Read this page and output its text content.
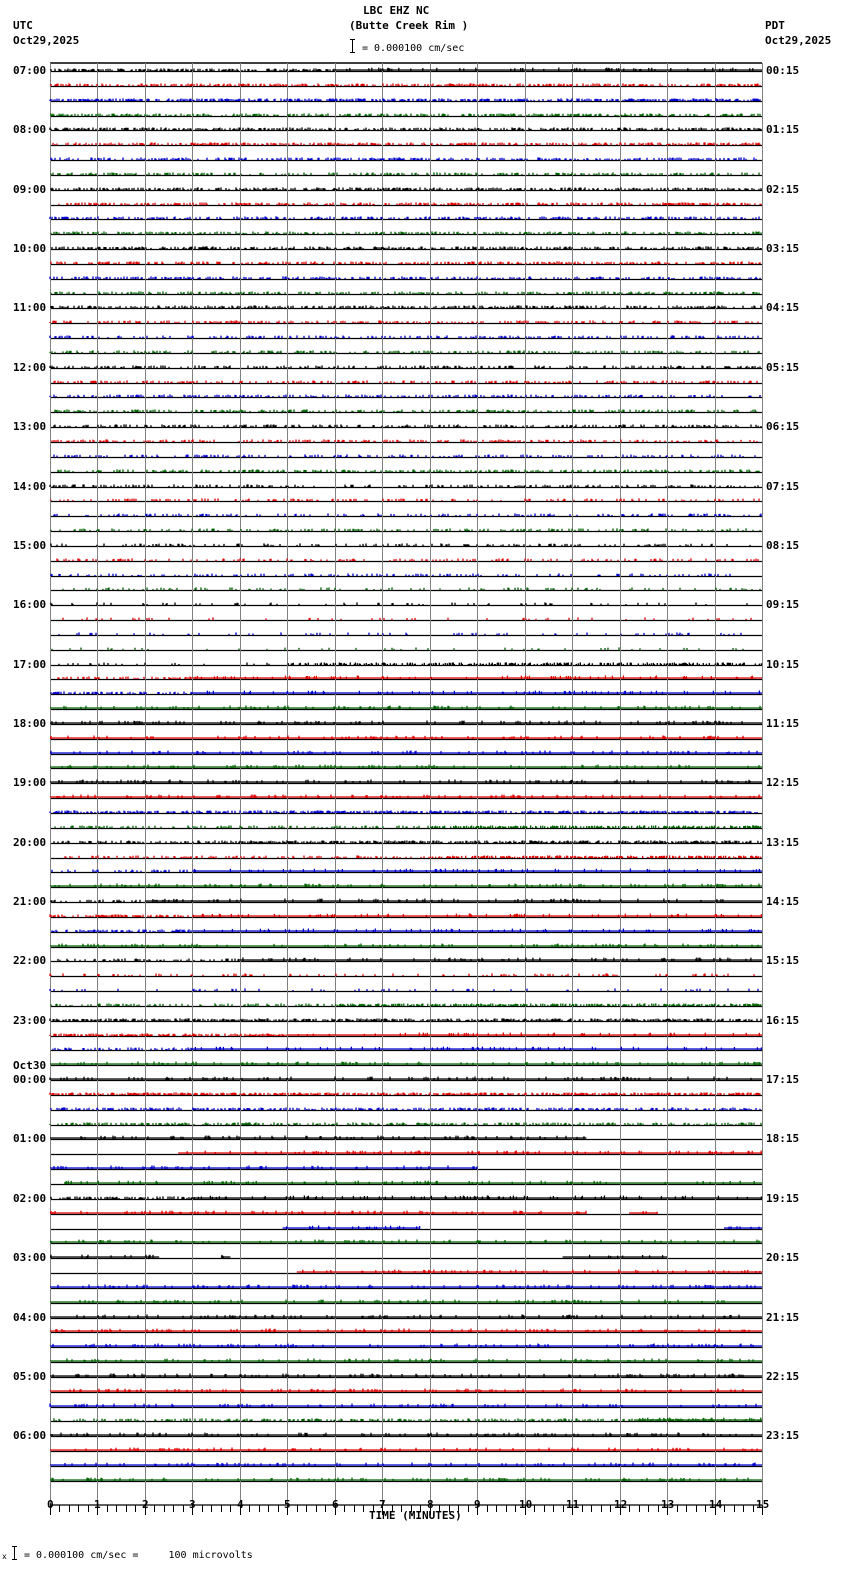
LBC EHZ NC
(Butte Creek Rim )
= 0.000100 cm/sec
UTC
Oct29,2025
PDT
Oct29,2025
07:00
08:00
09:00
10:00
11:00
12:00
13:00
14:00
15:00
16:00
17:00
18:00
19:00
20:00
21:00
22:00
23:00
Oct30
00:00
01:00
02:00
03:00
04:00
05:00
06:00
00:15
01:15
02:15
03:15
04:15
05:15
06:15
07:15
08:15
09:15
10:15
11:15
12:15
13:15
14:15
15:15
16:15
17:15
18:15
19:15
20:15
21:15
22:15
23:15
0	1	2	3	4	5	6	7	8	9	10	11	12	13	14	15
TIME (MINUTES)
x = 0.000100 cm/sec =     100 microvolts
